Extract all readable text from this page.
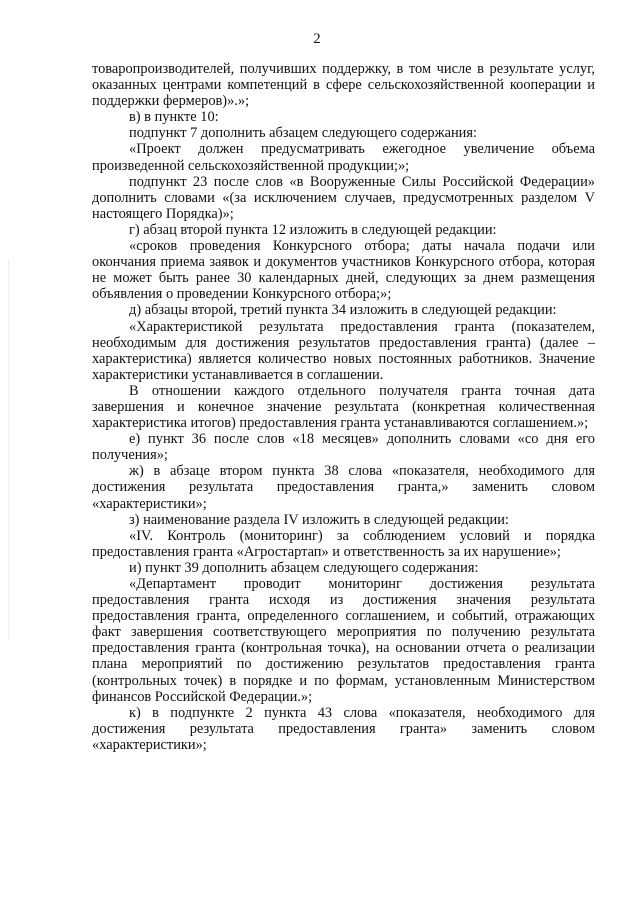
2

товаропроизводителей, получивших поддержку, в том числе в результате услуг, оказанных центрами компетенций в сфере сельскохозяйственной кооперации и поддержки фермеров)».»;

в) в пункте 10:

подпункт 7 дополнить абзацем следующего содержания:

«Проект должен предусматривать ежегодное увеличение объема произведенной сельскохозяйственной продукции;»;

подпункт 23 после слов «в Вооруженные Силы Российской Федерации» дополнить словами «(за исключением случаев, предусмотренных разделом V настоящего Порядка)»;

г) абзац второй пункта 12 изложить в следующей редакции:

«сроков проведения Конкурсного отбора; даты начала подачи или окончания приема заявок и документов участников Конкурсного отбора, которая не может быть ранее 30 календарных дней, следующих за днем размещения объявления о проведении Конкурсного отбора;»;

д) абзацы второй, третий пункта 34 изложить в следующей редакции:

«Характеристикой результата предоставления гранта (показателем, необходимым для достижения результатов предоставления гранта) (далее – характеристика) является количество новых постоянных работников. Значение характеристики устанавливается в соглашении.

В отношении каждого отдельного получателя гранта точная дата завершения и конечное значение результата (конкретная количественная характеристика итогов) предоставления гранта устанавливаются соглашением.»;

е) пункт 36 после слов «18 месяцев» дополнить словами «со дня его получения»;

ж) в абзаце втором пункта 38 слова «показателя, необходимого для достижения результата предоставления гранта,» заменить словом «характеристики»;

з) наименование раздела IV изложить в следующей редакции:

«IV. Контроль (мониторинг) за соблюдением условий и порядка предоставления гранта «Агростартап» и ответственность за их нарушение»;

и) пункт 39 дополнить абзацем следующего содержания:

«Департамент проводит мониторинг достижения результата предоставления гранта исходя из достижения значения результата предоставления гранта, определенного соглашением, и событий, отражающих факт завершения соответствующего мероприятия по получению результата предоставления гранта (контрольная точка), на основании отчета о реализации плана мероприятий по достижению результатов предоставления гранта (контрольных точек) в порядке и по формам, установленным Министерством финансов Российской Федерации.»;

к) в подпункте 2 пункта 43 слова «показателя, необходимого для достижения результата предоставления гранта» заменить словом «характеристики»;
